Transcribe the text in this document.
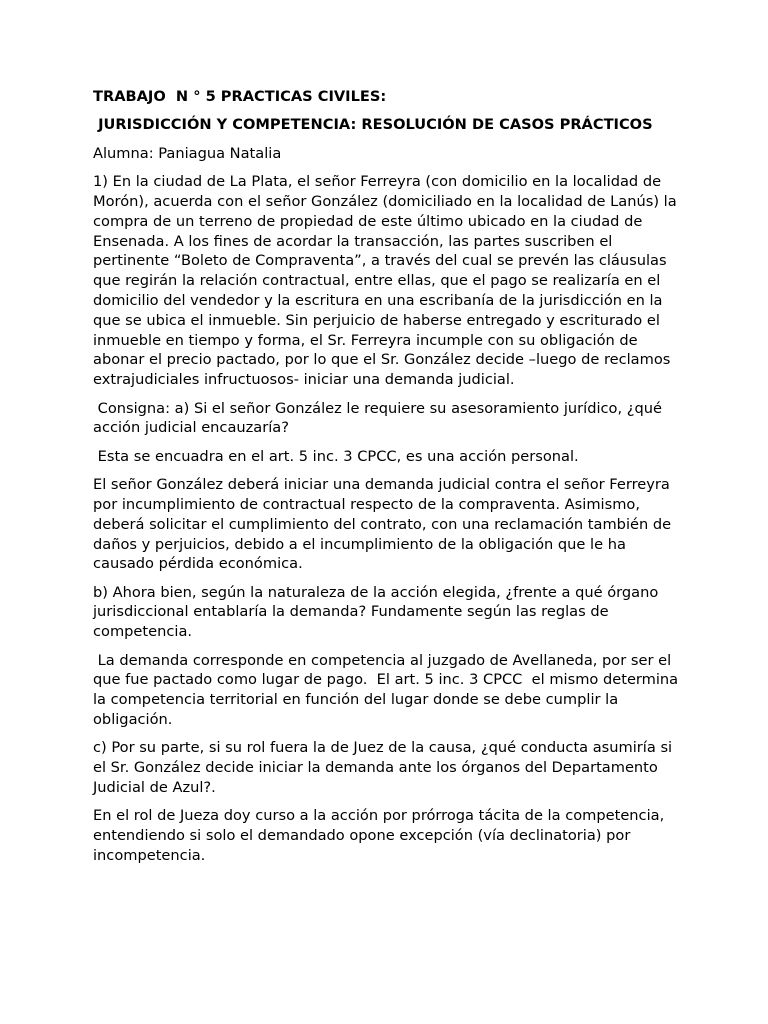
TRABAJO  N ° 5 PRACTICAS CIVILES:

JURISDICCIÓN Y COMPETENCIA: RESOLUCIÓN DE CASOS PRÁCTICOS

Alumna: Paniagua Natalia

1) En la ciudad de La Plata, el señor Ferreyra (con domicilio en la localidad de Morón), acuerda con el señor González (domiciliado en la localidad de Lanús) la compra de un terreno de propiedad de este último ubicado en la ciudad de Ensenada. A los fines de acordar la transacción, las partes suscriben el pertinente “Boleto de Compraventa”, a través del cual se prevén las cláusulas que regirán la relación contractual, entre ellas, que el pago se realizaría en el domicilio del vendedor y la escritura en una escribanía de la jurisdicción en la que se ubica el inmueble. Sin perjuicio de haberse entregado y escriturado el inmueble en tiempo y forma, el Sr. Ferreyra incumple con su obligación de abonar el precio pactado, por lo que el Sr. González decide –luego de reclamos extrajudiciales infructuosos- iniciar una demanda judicial.

Consigna: a) Si el señor González le requiere su asesoramiento jurídico, ¿qué acción judicial encauzaría?

Esta se encuadra en el art. 5 inc. 3 CPCC, es una acción personal.

El señor González deberá iniciar una demanda judicial contra el señor Ferreyra por incumplimiento de contractual respecto de la compraventa. Asimismo, deberá solicitar el cumplimiento del contrato, con una reclamación también de daños y perjuicios, debido a el incumplimiento de la obligación que le ha causado pérdida económica.

b) Ahora bien, según la naturaleza de la acción elegida, ¿frente a qué órgano jurisdiccional entablaría la demanda? Fundamente según las reglas de competencia.

La demanda corresponde en competencia al juzgado de Avellaneda, por ser el que fue pactado como lugar de pago.  El art. 5 inc. 3 CPCC  el mismo determina la competencia territorial en función del lugar donde se debe cumplir la obligación.

c) Por su parte, si su rol fuera la de Juez de la causa, ¿qué conducta asumiría si el Sr. González decide iniciar la demanda ante los órganos del Departamento Judicial de Azul?.

En el rol de Jueza doy curso a la acción por prórroga tácita de la competencia, entendiendo si solo el demandado opone excepción (vía declinatoria) por incompetencia.
